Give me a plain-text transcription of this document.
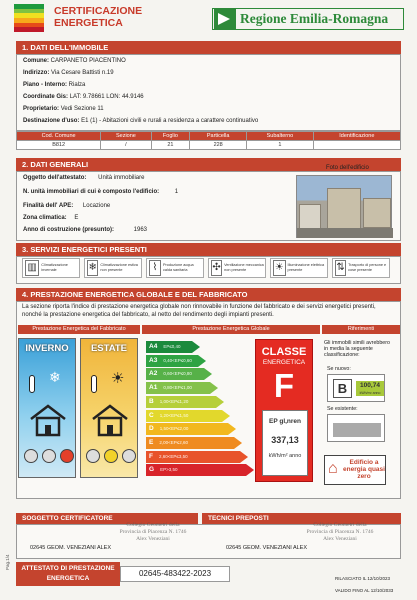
CERTIFICAZIONE
ENERGETICA	Regione Emilia-Romagna
1. DATI DELL'IMMOBILE
Comune: CARPANETO PIACENTINO
Indirizzo: Via Cesare Battisti n.19
Piano - Interno: Rialza
Coordinate Gis: LAT: 9.78661 LON: 44.9146
Proprietario: Vedi Sezione 11
Destinazione d'uso: E1 (1) - Abitazioni civili e rurali a residenza a carattere continuativo
Cod. Comune	Sezione	Foglio	Particella	Subalterno	Identificazione
B812	/	21	228	1	
2. DATI GENERALI	Foto dell'edificio
Oggetto dell'attestato: Unità immobiliare
N. unità immobiliari di cui è composto l'edificio:	1
Finalità dell' APE: Locazione
Zona climatica: E
Anno di costruzione (presunto):	1963
3. SERVIZI ENERGETICI PRESENTI
▥	Climatizzazione invernale	❄ Climatizzazione estiva non presente	⌇	Produzione acqua calda sanitaria	✣ Ventilazione meccanica non presente	☀ Illuminazione elettrica presente	⇅ Trasporto di persone e cose presente
4. PRESTAZIONE ENERGETICA GLOBALE E DEL FABBRICATO
La sezione riporta l'indice di prestazione energetica globale non rinnovabile in funzione del fabbricato e dei servizi energetici presenti, nonché la prestazione energetica del fabbricato, al netto del rendimento degli impianti presenti.
Prestazione Energetica del Fabbricato	Prestazione Energetica Globale	Riferimenti
INVERNO
❄
ESTATE
☀
A4 EP≤0,40
A3 0,40<EP≤0,60
A2 0,60<EP≤0,80
A1 0,80<EP≤1,00
B 1,00<EP≤1,20
C 1,20<EP≤1,50
D 1,50<EP≤2,00
E 2,00<EP≤2,60
F 2,60<EP≤3,50
G EP>3,50
CLASSE
ENERGETICA
F
EP gl,nren
337,13
kWh/m² anno
Gli immobili simili avrebbero in media la seguente classificazione:
Se nuovo:
B	100,74
kWh/m² anno
Se esistente:
⌂ Edificio a energia quasi zero
SOGGETTO CERTIFICATORE	TECNICI PREPOSTI
02645 GEOM. VENEZIANI ALEX	02645 GEOM. VENEZIANI ALEX
Collegio Geometri della Provincia di Piacenza N. 1746 Alex Veneziani
Collegio Geometri della Provincia di Piacenza N. 1746 Alex Veneziani
ATTESTATO DI PRESTAZIONE ENERGETICA
02645-483422-2023
RILASCIATO IL 12/10/2023
VALIDO FINO AL 12/10/2033
Pag.1/4
